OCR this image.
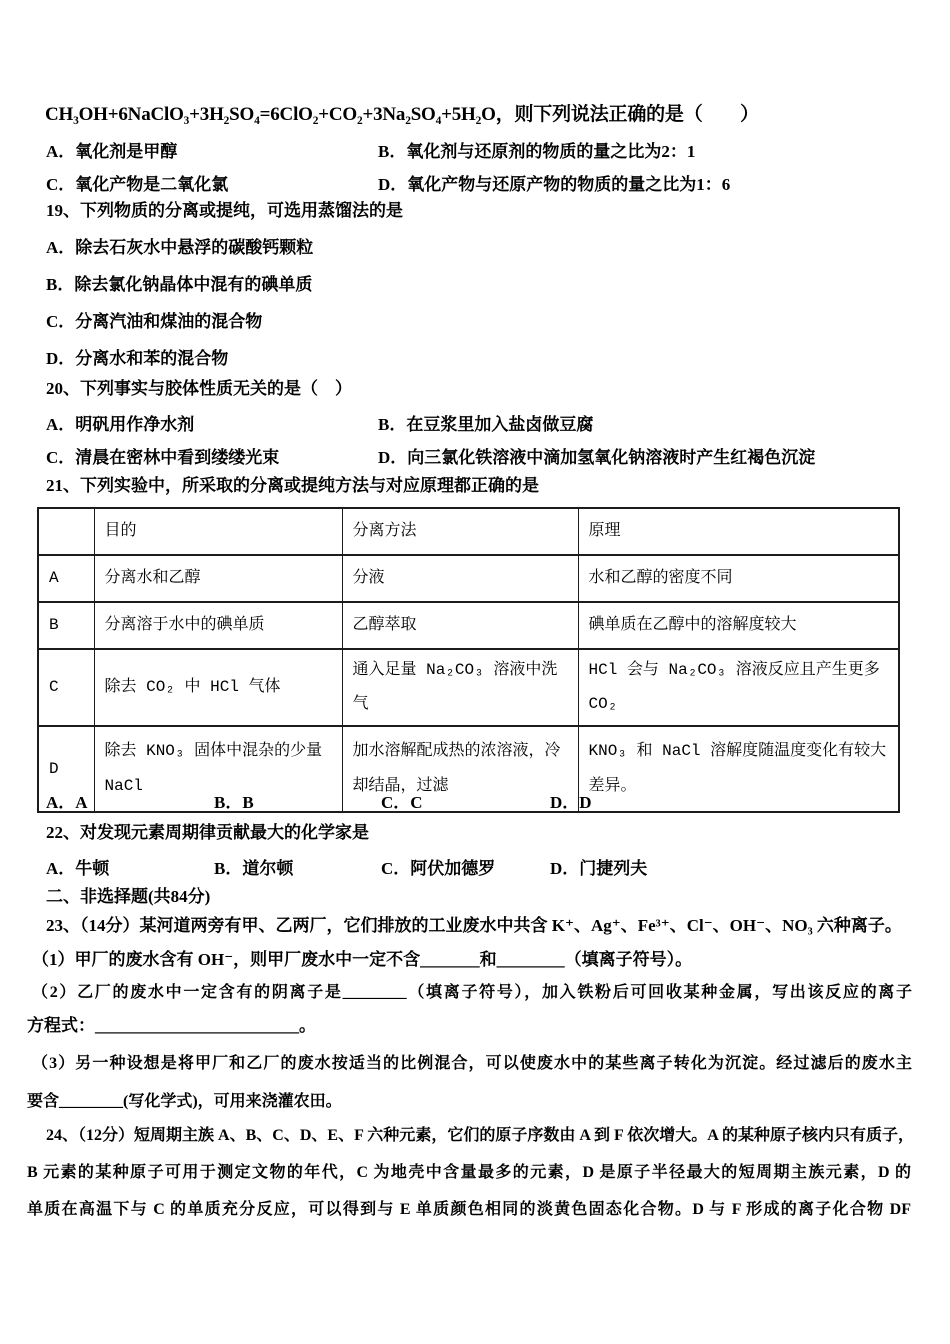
CH₃OH+6NaClO₃+3H₂SO₄=6ClO₂+CO₂+3Na₂SO₄+5H₂O，则下列说法正确的是（　　）
A．氧化剂是甲醇	B．氧化剂与还原剂的物质的量之比为2：1
C．氧化产物是二氧化氯	D．氧化产物与还原产物的物质的量之比为1：6
19、下列物质的分离或提纯，可选用蒸馏法的是
A．除去石灰水中悬浮的碳酸钙颗粒
B．除去氯化钠晶体中混有的碘单质
C．分离汽油和煤油的混合物
D．分离水和苯的混合物
20、下列事实与胶体性质无关的是（　）
A．明矾用作净水剂	B．在豆浆里加入盐卤做豆腐
C．清晨在密林中看到缕缕光束	D．向三氯化铁溶液中滴加氢氧化钠溶液时产生红褐色沉淀
21、下列实验中，所采取的分离或提纯方法与对应原理都正确的是
	目的	分离方法	原理
A	分离水和乙醇	分液	水和乙醇的密度不同
B	分离溶于水中的碘单质	乙醇萃取	碘单质在乙醇中的溶解度较大
C	除去 CO₂ 中 HCl 气体	通入足量 Na₂CO₃ 溶液中洗气	HCl 会与 Na₂CO₃ 溶液反应且产生更多 CO₂
D	除去 KNO₃ 固体中混杂的少量 NaCl	加水溶解配成热的浓溶液，冷却结晶，过滤	KNO₃ 和 NaCl 溶解度随温度变化有较大差异。
A．A	B．B	C．C	D．D
22、对发现元素周期律贡献最大的化学家是
A．牛顿	B．道尔顿	C．阿伏加德罗	D．门捷列夫
二、非选择题(共84分)
23、（14分）某河道两旁有甲、乙两厂，它们排放的工业废水中共含 K⁺、Ag⁺、Fe³⁺、Cl⁻、OH⁻、NO₃ 六种离子。
（1）甲厂的废水含有 OH⁻，则甲厂废水中一定不含_______和________（填离子符号）。
（2）乙厂的废水中一定含有的阴离子是________（填离子符号），加入铁粉后可回收某种金属，写出该反应的离子
方程式：________________________。
（3）另一种设想是将甲厂和乙厂的废水按适当的比例混合，可以使废水中的某些离子转化为沉淀。经过滤后的废水主
要含________(写化学式)，可用来浇灌农田。
24、（12分）短周期主族 A、B、C、D、E、F 六种元素，它们的原子序数由 A 到 F 依次增大。A 的某种原子核内只有质子，
B 元素的某种原子可用于测定文物的年代，C 为地壳中含量最多的元素，D 是原子半径最大的短周期主族元素，D 的
单质在高温下与 C 的单质充分反应，可以得到与 E 单质颜色相同的淡黄色固态化合物。D 与 F 形成的离子化合物 DF
